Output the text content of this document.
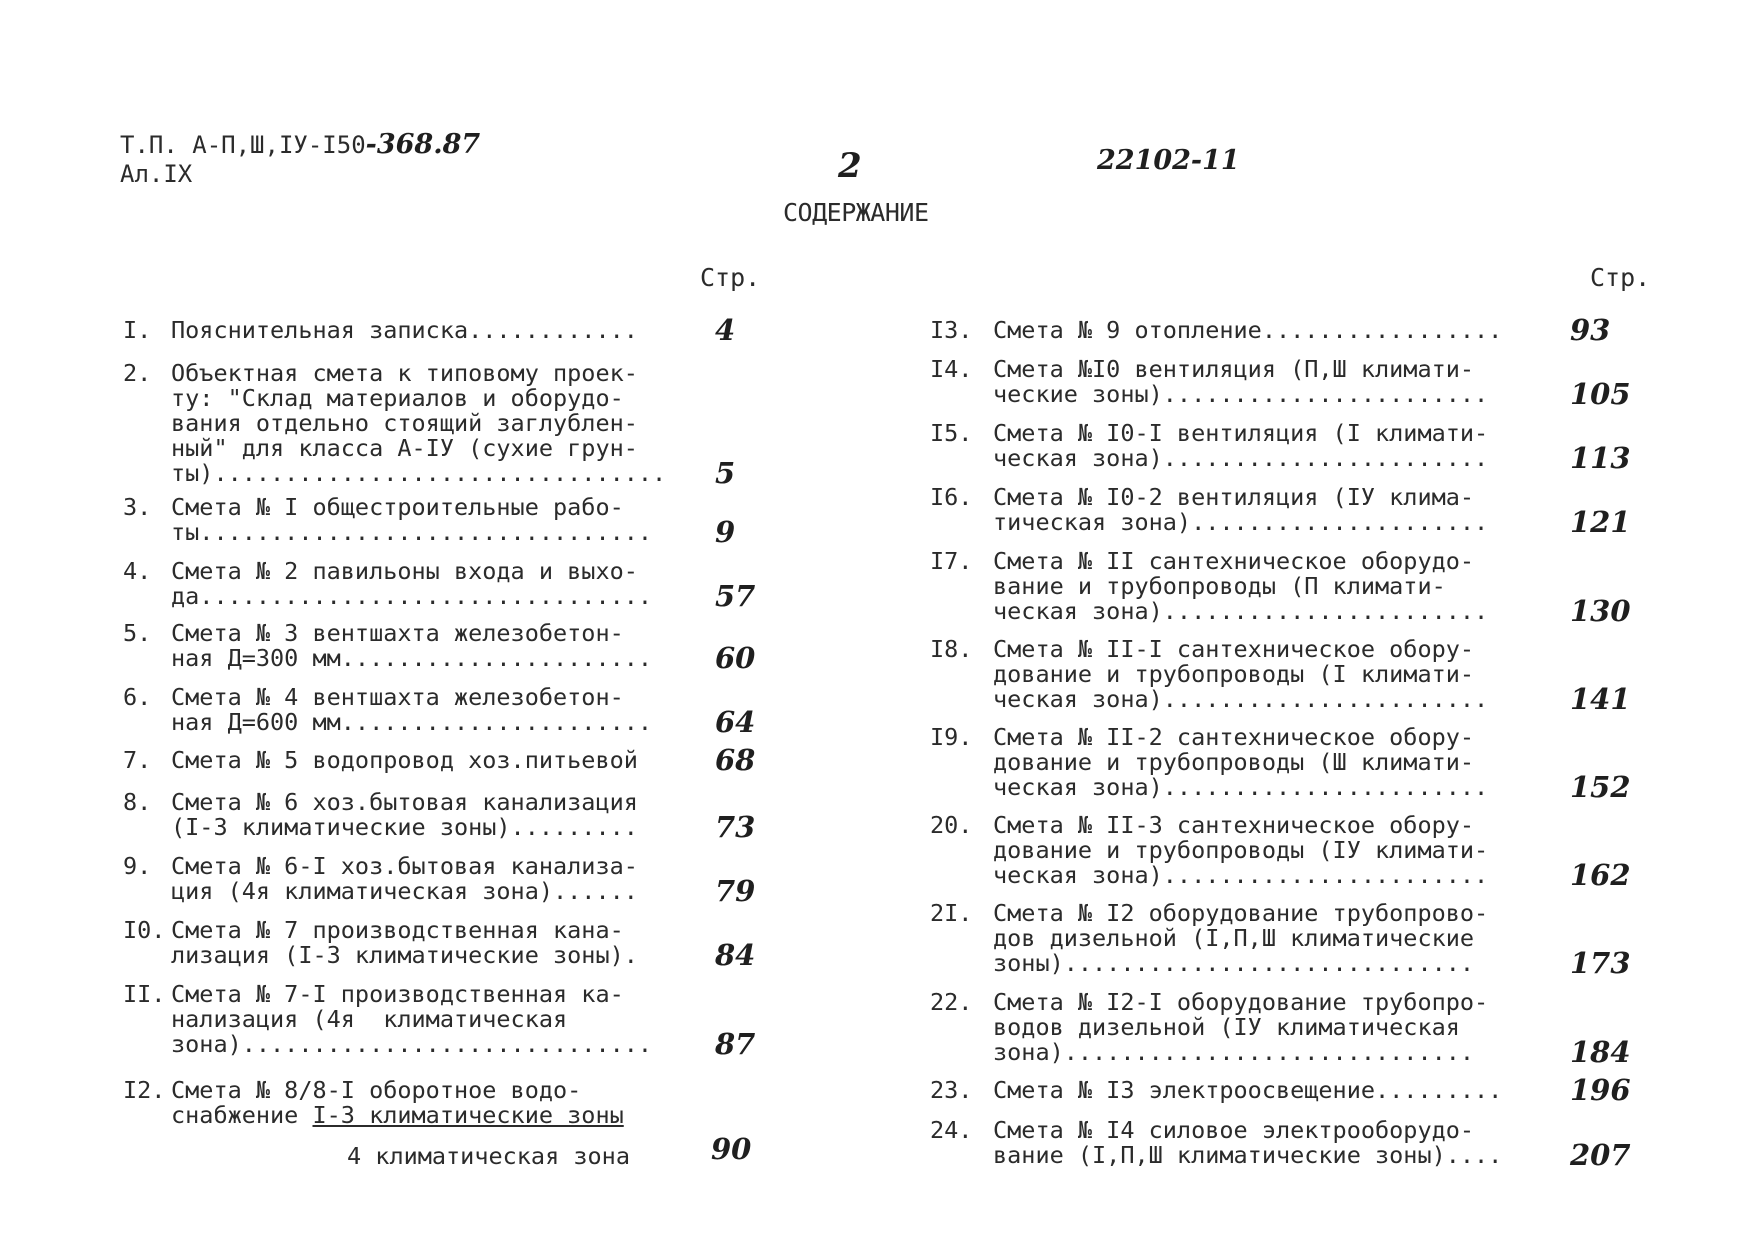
Т.П. А-П,Ш,IУ-I50-368.87
Ал.IX	2	22102-11
СОДЕРЖАНИЕ
Стр.	Стр.
I. Пояснительная записка............	4
2. Объектная смета к типовому проек-
ту: "Склад материалов и оборудо-
вания отдельно стоящий заглублен-
ный" для класса А-IУ (сухие грун-
ты)................................	5
3. Смета № I общестроительные рабо-
ты................................	9
4. Смета № 2 павильоны входа и выхо-
да................................	57
5. Смета № 3 вентшахта железобетон-
ная Д=300 мм......................	60
6. Смета № 4 вентшахта железобетон-
ная Д=600 мм......................	64
7. Смета № 5 водопровод хоз.питьевой	68
8. Смета № 6 хоз.бытовая канализация
(I-3 климатические зоны).........	73
9. Смета № 6-I хоз.бытовая канализа-
ция (4я климатическая зона)......	79
I0. Смета № 7 производственная кана-
лизация (I-3 климатические зоны).	84
II. Смета № 7-I производственная ка-
нализация (4я  климатическая
зона).............................	87
I2. Смета № 8/8-I оборотное водо-
снабжение I-3 климатические зоны
I3. Смета № 9 отопление.................	93
I4. Смета №I0 вентиляция (П,Ш климати-
ческие зоны).......................	105
I5. Смета № I0-I вентиляция (I климати-
ческая зона).......................	113
I6. Смета № I0-2 вентиляция (IУ клима-
тическая зона).....................	121
I7. Смета № II сантехническое оборудо-
вание и трубопроводы (П климати-
ческая зона).......................	130
I8. Смета № II-I сантехническое обору-
дование и трубопроводы (I климати-
ческая зона).......................	141
I9. Смета № II-2 сантехническое обору-
дование и трубопроводы (Ш климати-
ческая зона).......................	152
20. Смета № II-3 сантехническое обору-
дование и трубопроводы (IУ климати-
ческая зона).......................	162
2I. Смета № I2 оборудование трубопрово-
дов дизельной (I,П,Ш климатические
зоны).............................	173
22. Смета № I2-I оборудование трубопро-
водов дизельной (IУ климатическая
зона).............................	184
23. Смета № I3 электроосвещение.........	196
24. Смета № I4 силовое электрооборудо-
вание (I,П,Ш климатические зоны)....	207
4 климатическая зона	90
